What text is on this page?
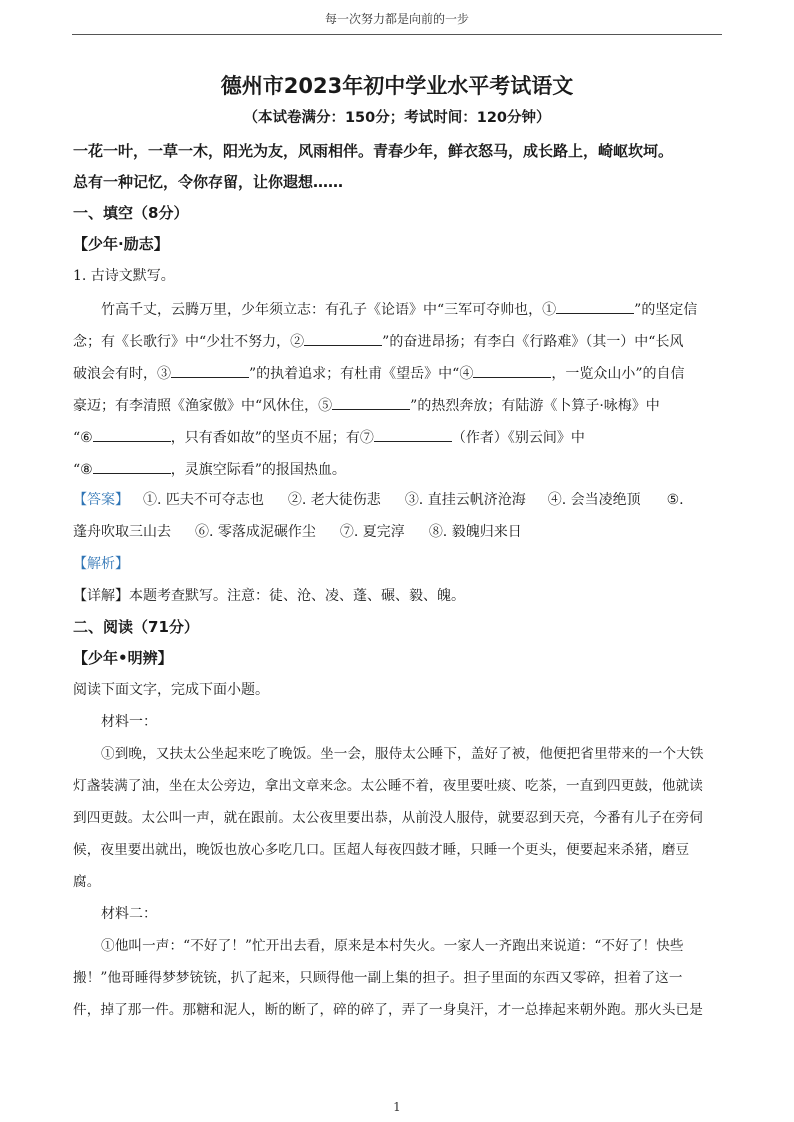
每一次努力都是向前的一步
德州市2023年初中学业水平考试语文
（本试卷满分：150分；考试时间：120分钟）
一花一叶，一草一木，阳光为友，风雨相伴。青春少年，鲜衣怒马，成长路上，崎岖坎坷。
总有一种记忆，令你存留，让你遐想……
一、填空（8分）
【少年·励志】
1. 古诗文默写。
竹高千丈，云腾万里，少年须立志：有孔子《论语》中“三军可夺帅也，①	”的坚定信
念；有《长歌行》中“少壮不努力，②	”的奋进昂扬；有李白《行路难》（其一）中“长风
破浪会有时，③	”的执着追求；有杜甫《望岳》中“④	，一览众山小”的自信
豪迈；有李清照《渔家傲》中“风休住，⑤	”的热烈奔放；有陆游《卜算子·咏梅》中
“⑥	，只有香如故”的坚贞不屈；有⑦	（作者）《别云间》中
“⑧	，灵旗空际看”的报国热血。
【答案】 ①. 匹夫不可夺志也 ②. 老大徒伤悲 ③. 直挂云帆济沧海 ④. 会当凌绝顶 ⑤.
蓬舟吹取三山去 ⑥. 零落成泥碾作尘 ⑦. 夏完淳 ⑧. 毅魄归来日
【解析】
【详解】本题考查默写。注意：徒、沧、凌、蓬、碾、毅、魄。
二、阅读（71分）
【少年•明辨】
阅读下面文字，完成下面小题。
材料一：
①到晚，又扶太公坐起来吃了晚饭。坐一会，服侍太公睡下，盖好了被，他便把省里带来的一个大铁
灯盏装满了油，坐在太公旁边，拿出文章来念。太公睡不着，夜里要吐痰、吃茶，一直到四更鼓，他就读
到四更鼓。太公叫一声，就在跟前。太公夜里要出恭，从前没人服侍，就要忍到天亮，今番有儿子在旁伺
候，夜里要出就出，晚饭也放心多吃几口。匡超人每夜四鼓才睡，只睡一个更头，便要起来杀猪，磨豆
腐。
材料二：
①他叫一声：“不好了！”忙开出去看，原来是本村失火。一家人一齐跑出来说道：“不好了！快些
搬！”他哥睡得梦梦铳铳，扒了起来，只顾得他一副上集的担子。担子里面的东西又零碎，担着了这一
件，掉了那一件。那糖和泥人，断的断了，碎的碎了，弄了一身臭汗，才一总捧起来朝外跑。那火头已是
1
